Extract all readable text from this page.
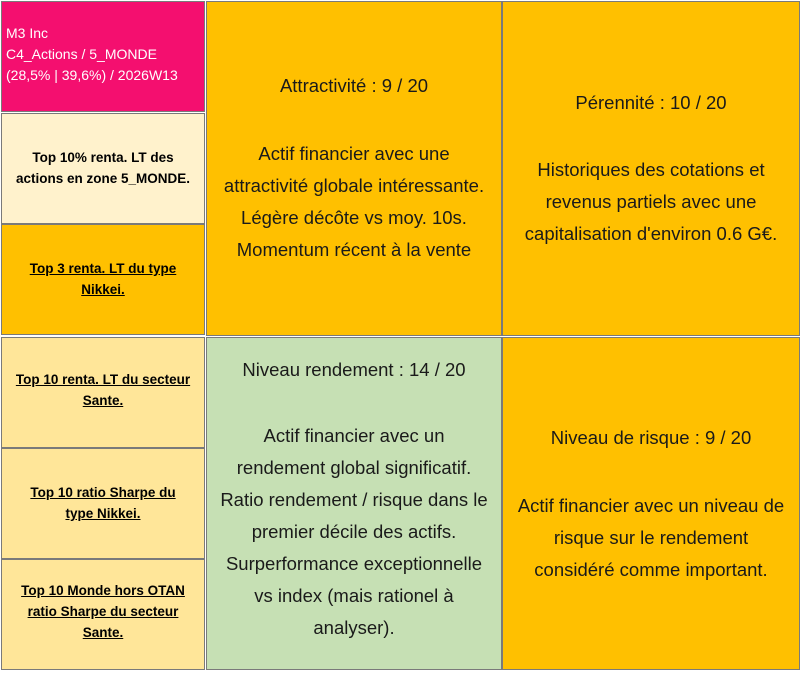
M3 Inc
C4_Actions / 5_MONDE
(28,5% | 39,6%) / 2026W13
Top 10% renta. LT des
actions en zone 5_MONDE.
Top 3 renta. LT du type
Nikkei.
Top 10 renta. LT du secteur
Sante.
Top 10 ratio Sharpe du
type Nikkei.
Top 10 Monde hors OTAN
ratio Sharpe du secteur
Sante.
Attractivité : 9 / 20
Actif financier avec une
attractivité globale intéressante.
Légère décôte vs moy. 10s.
Momentum récent à la vente
Pérennité : 10 / 20
Historiques des cotations et
revenus partiels avec une
capitalisation d'environ 0.6 G€.
Niveau rendement : 14 / 20
Actif financier avec un
rendement global significatif.
Ratio rendement / risque dans le
premier décile des actifs.
Surperformance exceptionnelle
vs index (mais rationel à
analyser).
Niveau de risque : 9 / 20
Actif financier avec un niveau de
risque sur le rendement
considéré comme important.
